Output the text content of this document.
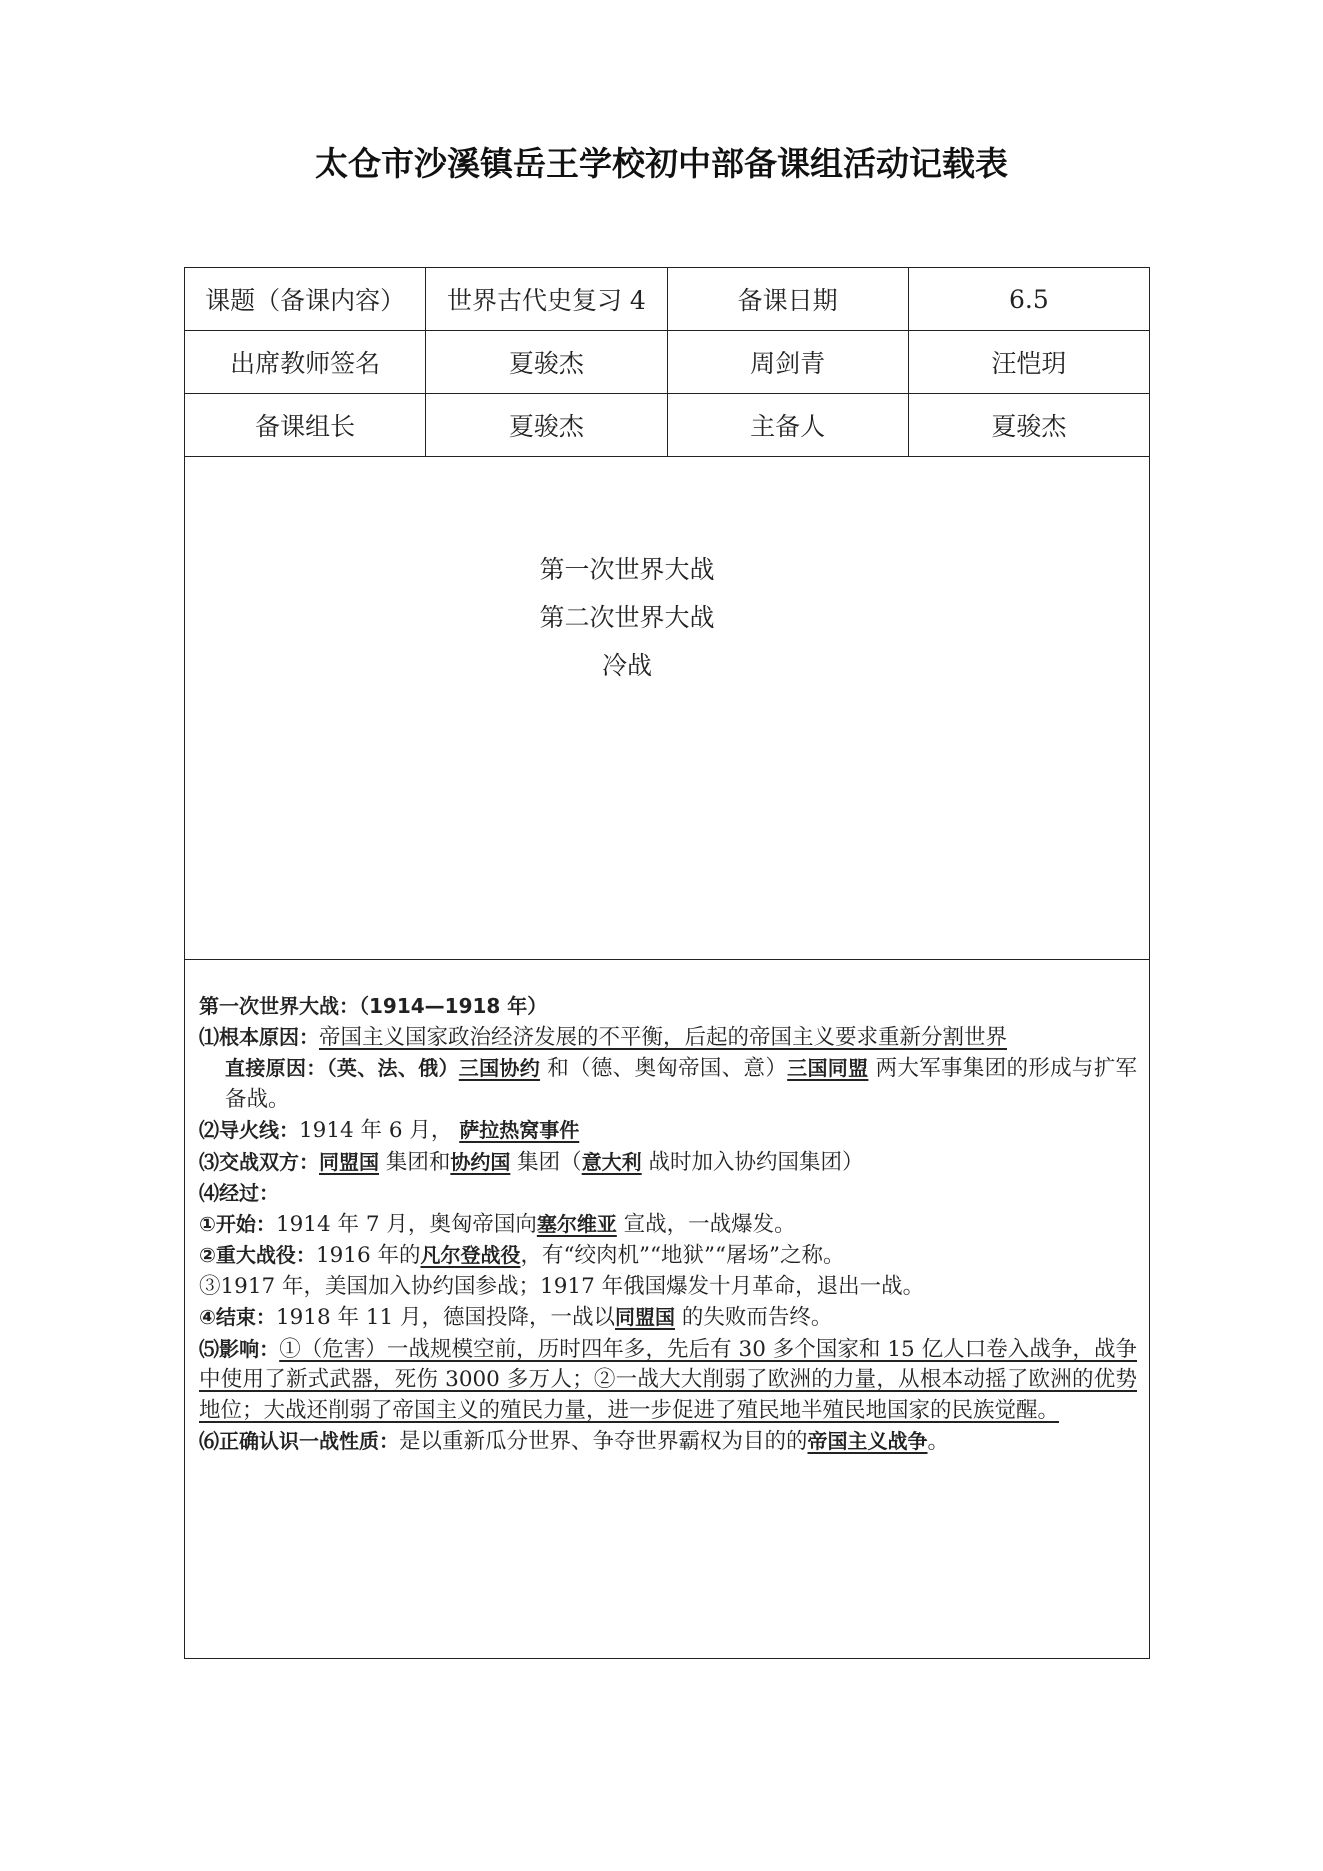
太仓市沙溪镇岳王学校初中部备课组活动记载表
课题（备课内容）	世界古代史复习 4	备课日期	6.5
出席教师签名	夏骏杰	周剑青	汪恺玥
备课组长	夏骏杰	主备人	夏骏杰
第一次世界大战
第二次世界大战
冷战

第一次世界大战：（1914—1918 年）

⑴根本原因：帝国主义国家政治经济发展的不平衡，后起的帝国主义要求重新分割世界

直接原因：（英、法、俄）三国协约 和（德、奥匈帝国、意）三国同盟 两大军事集团的形成与扩军备战。

⑵导火线：1914 年 6 月， 萨拉热窝事件

⑶交战双方：同盟国 集团和协约国 集团（意大利 战时加入协约国集团）

⑷经过：

①开始：1914 年 7 月，奥匈帝国向塞尔维亚 宣战，一战爆发。

②重大战役：1916 年的凡尔登战役，有“绞肉机”“地狱”“屠场”之称。

③1917 年，美国加入协约国参战；1917 年俄国爆发十月革命，退出一战。

④结束：1918 年 11 月，德国投降，一战以同盟国 的失败而告终。

⑸影响：①（危害）一战规模空前，历时四年多，先后有 30 多个国家和 15 亿人口卷入战争，战争中使用了新式武器，死伤 3000 多万人；②一战大大削弱了欧洲的力量，从根本动摇了欧洲的优势地位；大战还削弱了帝国主义的殖民力量，进一步促进了殖民地半殖民地国家的民族觉醒。

⑹正确认识一战性质：是以重新瓜分世界、争夺世界霸权为目的的帝国主义战争。
